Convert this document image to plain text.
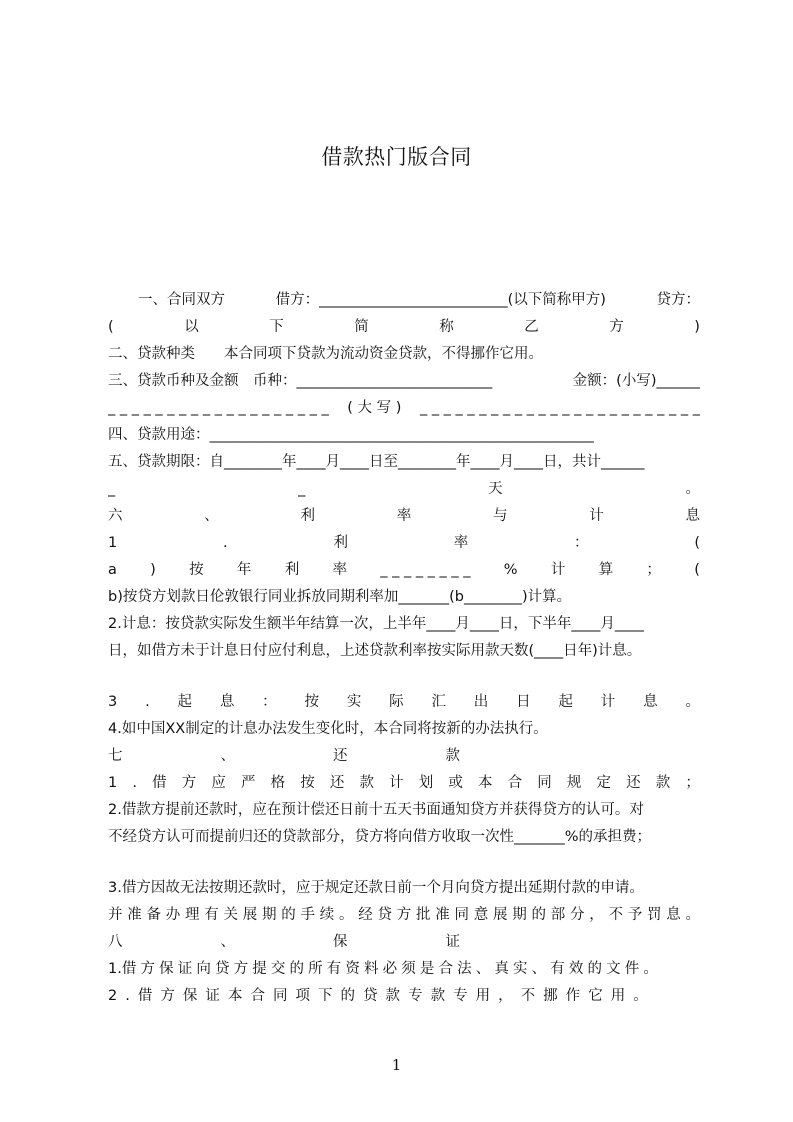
借款热门版合同
一、合同双方	借方：__________________________(以下简称甲方)	贷方：
(	以	下	简	称	乙	方	)
二、贷款种类　　本合同项下贷款为流动资金贷款，不得挪作它用。
三、贷款币种及金额　币种：___________________________	金额：(小写)______
_ _ _ _ _ _ _ _ _ _ _ _ _ _ _ _ _ _ _ ( 大 写 ) _ _ _ _ _ _ _ _ _ _ _ _ _ _ _ _ _ _ _ _ _ _ _ _
四、贷款用途：_____________________________________________________
五、贷款期限：自________年____月____日至________年____月____日，共计______
_	_	天	。
六	、	利	率	与	计	息
1	.	利	率	：	(
a ) 按 年 利 率 _ _ _ _ _ _ _ _ % 计 算 ； (
b)按贷方划款日伦敦银行同业拆放同期利率加_______(b________)计算。
2.计息：按贷款实际发生额半年结算一次，上半年____月____日，下半年____月____
日，如借方未于计息日付应付利息，上述贷款利率按实际用款天数(____日年)计息。
3 . 起 息 ： 按 实 际 汇 出 日 起 计 息 。
4.如中国XX制定的计息办法发生变化时，本合同将按新的办法执行。
七	、	还	款
1 . 借 方 应 严 格 按 还 款 计 划 或 本 合 同 规 定 还 款 ；
2.借款方提前还款时，应在预计偿还日前十五天书面通知贷方并获得贷方的认可。对
不经贷方认可而提前归还的贷款部分，贷方将向借方收取一次性_______%的承担费；
3.借方因故无法按期还款时，应于规定还款日前一个月向贷方提出延期付款的申请。
并 准 备 办 理 有 关 展 期 的 手 续 。 经 贷 方 批 准 同 意 展 期 的 部 分 ， 不 予 罚 息 。
八	、	保	证
1.借 方 保 证 向 贷 方 提 交 的 所 有 资 料 必 须 是 合 法 、 真 实 、 有 效 的 文 件 。
2 . 借 方 保 证 本 合 同 项 下 的 贷 款 专 款 专 用 ， 不 挪 作 它 用 。
1
